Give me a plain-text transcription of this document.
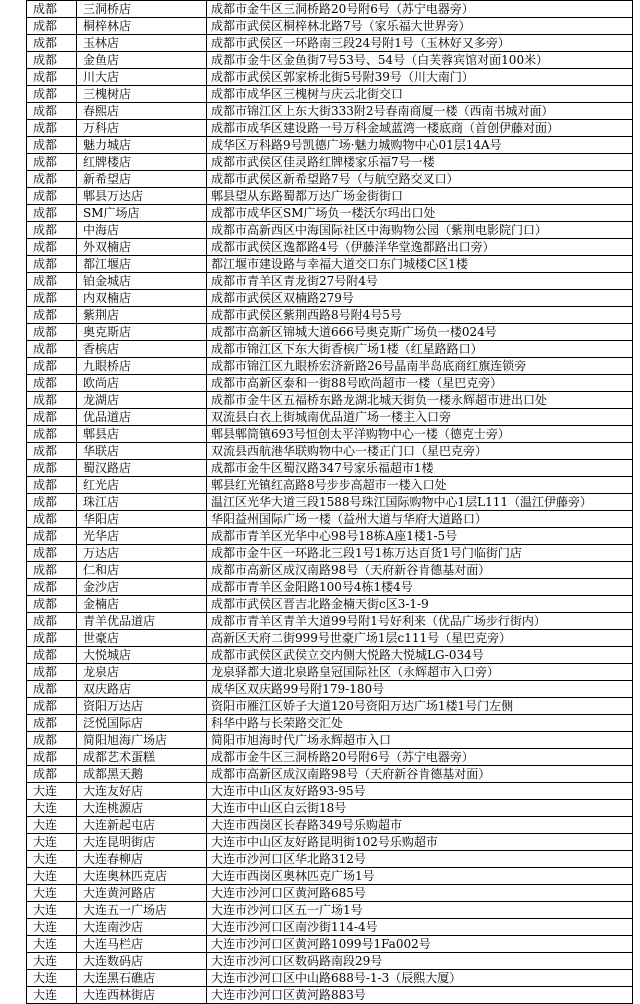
成都	三洞桥店	成都市金牛区三洞桥路20号附6号（苏宁电器旁）
成都	桐梓林店	成都市武侯区桐梓林北路7号（家乐福大世界旁）
成都	玉林店	成都市武侯区一环路南三段24号附1号（玉林好又多旁）
成都	金鱼店	成都市金牛区金鱼街7号53号、54号（白芙蓉宾馆对面100米）
成都	川大店	成都市武侯区郭家桥北街5号附39号（川大南门）
成都	三槐树店	成都市成华区三槐树与庆云北街交口
成都	春熙店	成都市锦江区上东大街333附2号春南商厦一楼（西南书城对面）
成都	万科店	成都市成华区建设路一号万科金域蓝湾一楼底商（首创伊藤对面）
成都	魅力城店	成华区万科路9号凯德广场·魅力城购物中心01层14A号
成都	红牌楼店	成都市武侯区佳灵路红牌楼家乐福7号一楼
成都	新希望店	成都市武侯区新希望路7号（与航空路交叉口）
成都	郫县万达店	郫县望从东路蜀都万达广场金街街口
成都	SM广场店	成都市成华区SM广场负一楼沃尔玛出口处
成都	中海店	成都市高新西区中海国际社区中海购物公园（紫荆电影院门口）
成都	外双楠店	成都市武侯区逸都路4号（伊藤洋华堂逸都路出口旁）
成都	都江堰店	都江堰市建设路与幸福大道交口东门城楼C区1楼
成都	铂金城店	成都市青羊区青龙街27号附4号
成都	内双楠店	成都市武侯区双楠路279号
成都	紫荆店	成都市武侯区紫荆西路8号附4号5号
成都	奥克斯店	成都市高新区锦城大道666号奥克斯广场负一楼024号
成都	香槟店	成都市锦江区下东大街香槟广场1楼（红星路路口）
成都	九眼桥店	成都市锦江区九眼桥宏济新路26号晶南半岛底商红旗连锁旁
成都	欧尚店	成都市高新区泰和一街88号欧尚超市一楼（星巴克旁）
成都	龙湖店	成都市金牛区五福桥东路龙湖北城天街负一楼永辉超市进出口处
成都	优品道店	双流县白衣上街城南优品道广场一楼主入口旁
成都	郫县店	郫县郫筒镇693号恒创太平洋购物中心一楼（德克士旁）
成都	华联店	双流县西航港华联购物中心一楼正门口（星巴克旁）
成都	蜀汉路店	成都市金牛区蜀汉路347号家乐福超市1楼
成都	红光店	郫县红光镇红高路8号步步高超市一楼入口处
成都	珠江店	温江区光华大道三段1588号珠江国际购物中心1层L111（温江伊藤旁）
成都	华阳店	华阳益州国际广场一楼（益州大道与华府大道路口）
成都	光华店	成都市青羊区光华中心98号18栋A座1楼1-5号
成都	万达店	成都市金牛区一环路北三段1号1栋万达百货1号门临街门店
成都	仁和店	成都市高新区成汉南路98号（天府新谷肯德基对面）
成都	金沙店	成都市青羊区金阳路100号4栋1楼4号
成都	金楠店	成都市武侯区晋吉北路金楠天街c区3-1-9
成都	青羊优品道店	成都市青羊区青羊大道99号附1号好利来（优品广场步行街内）
成都	世豪店	高新区天府二街999号世豪广场1层c111号（星巴克旁）
成都	大悦城店	成都市武侯区武侯立交内侧大悦路大悦城LG-034号
成都	龙泉店	龙泉驿都大道北泉路皇冠国际社区（永辉超市入口旁）
成都	双庆路店	成华区双庆路99号附179-180号
成都	资阳万达店	资阳市雁江区娇子大道120号资阳万达广场1楼1号门左侧
成都	泛悦国际店	科华中路与长荣路交汇处
成都	简阳旭海广场店	简阳市旭海时代广场永辉超市入口
成都	成都艺术蛋糕	成都市金牛区三洞桥路20号附6号（苏宁电器旁）
成都	成都黑天鹅	成都市高新区成汉南路98号（天府新谷肯德基对面）
大连	大连友好店	大连市中山区友好路93-95号
大连	大连桃源店	大连市中山区白云街18号
大连	大连新起屯店	大连市西岗区长春路349号乐购超市
大连	大连昆明街店	大连市中山区友好路昆明街102号乐购超市
大连	大连春柳店	大连市沙河口区华北路312号
大连	大连奥林匹克店	大连市西岗区奥林匹克广场1号
大连	大连黄河路店	大连市沙河口区黄河路685号
大连	大连五一广场店	大连市沙河口区五一广场1号
大连	大连南沙店	大连市沙河口区南沙街114-4号
大连	大连马栏店	大连市沙河口区黄河路1099号1Fa002号
大连	大连数码店	大连市沙河口区数码路南段29号
大连	大连黑石礁店	大连市沙河口区中山路688号-1-3（辰熙大厦）
大连	大连西林街店	大连市沙河口区黄河路883号
